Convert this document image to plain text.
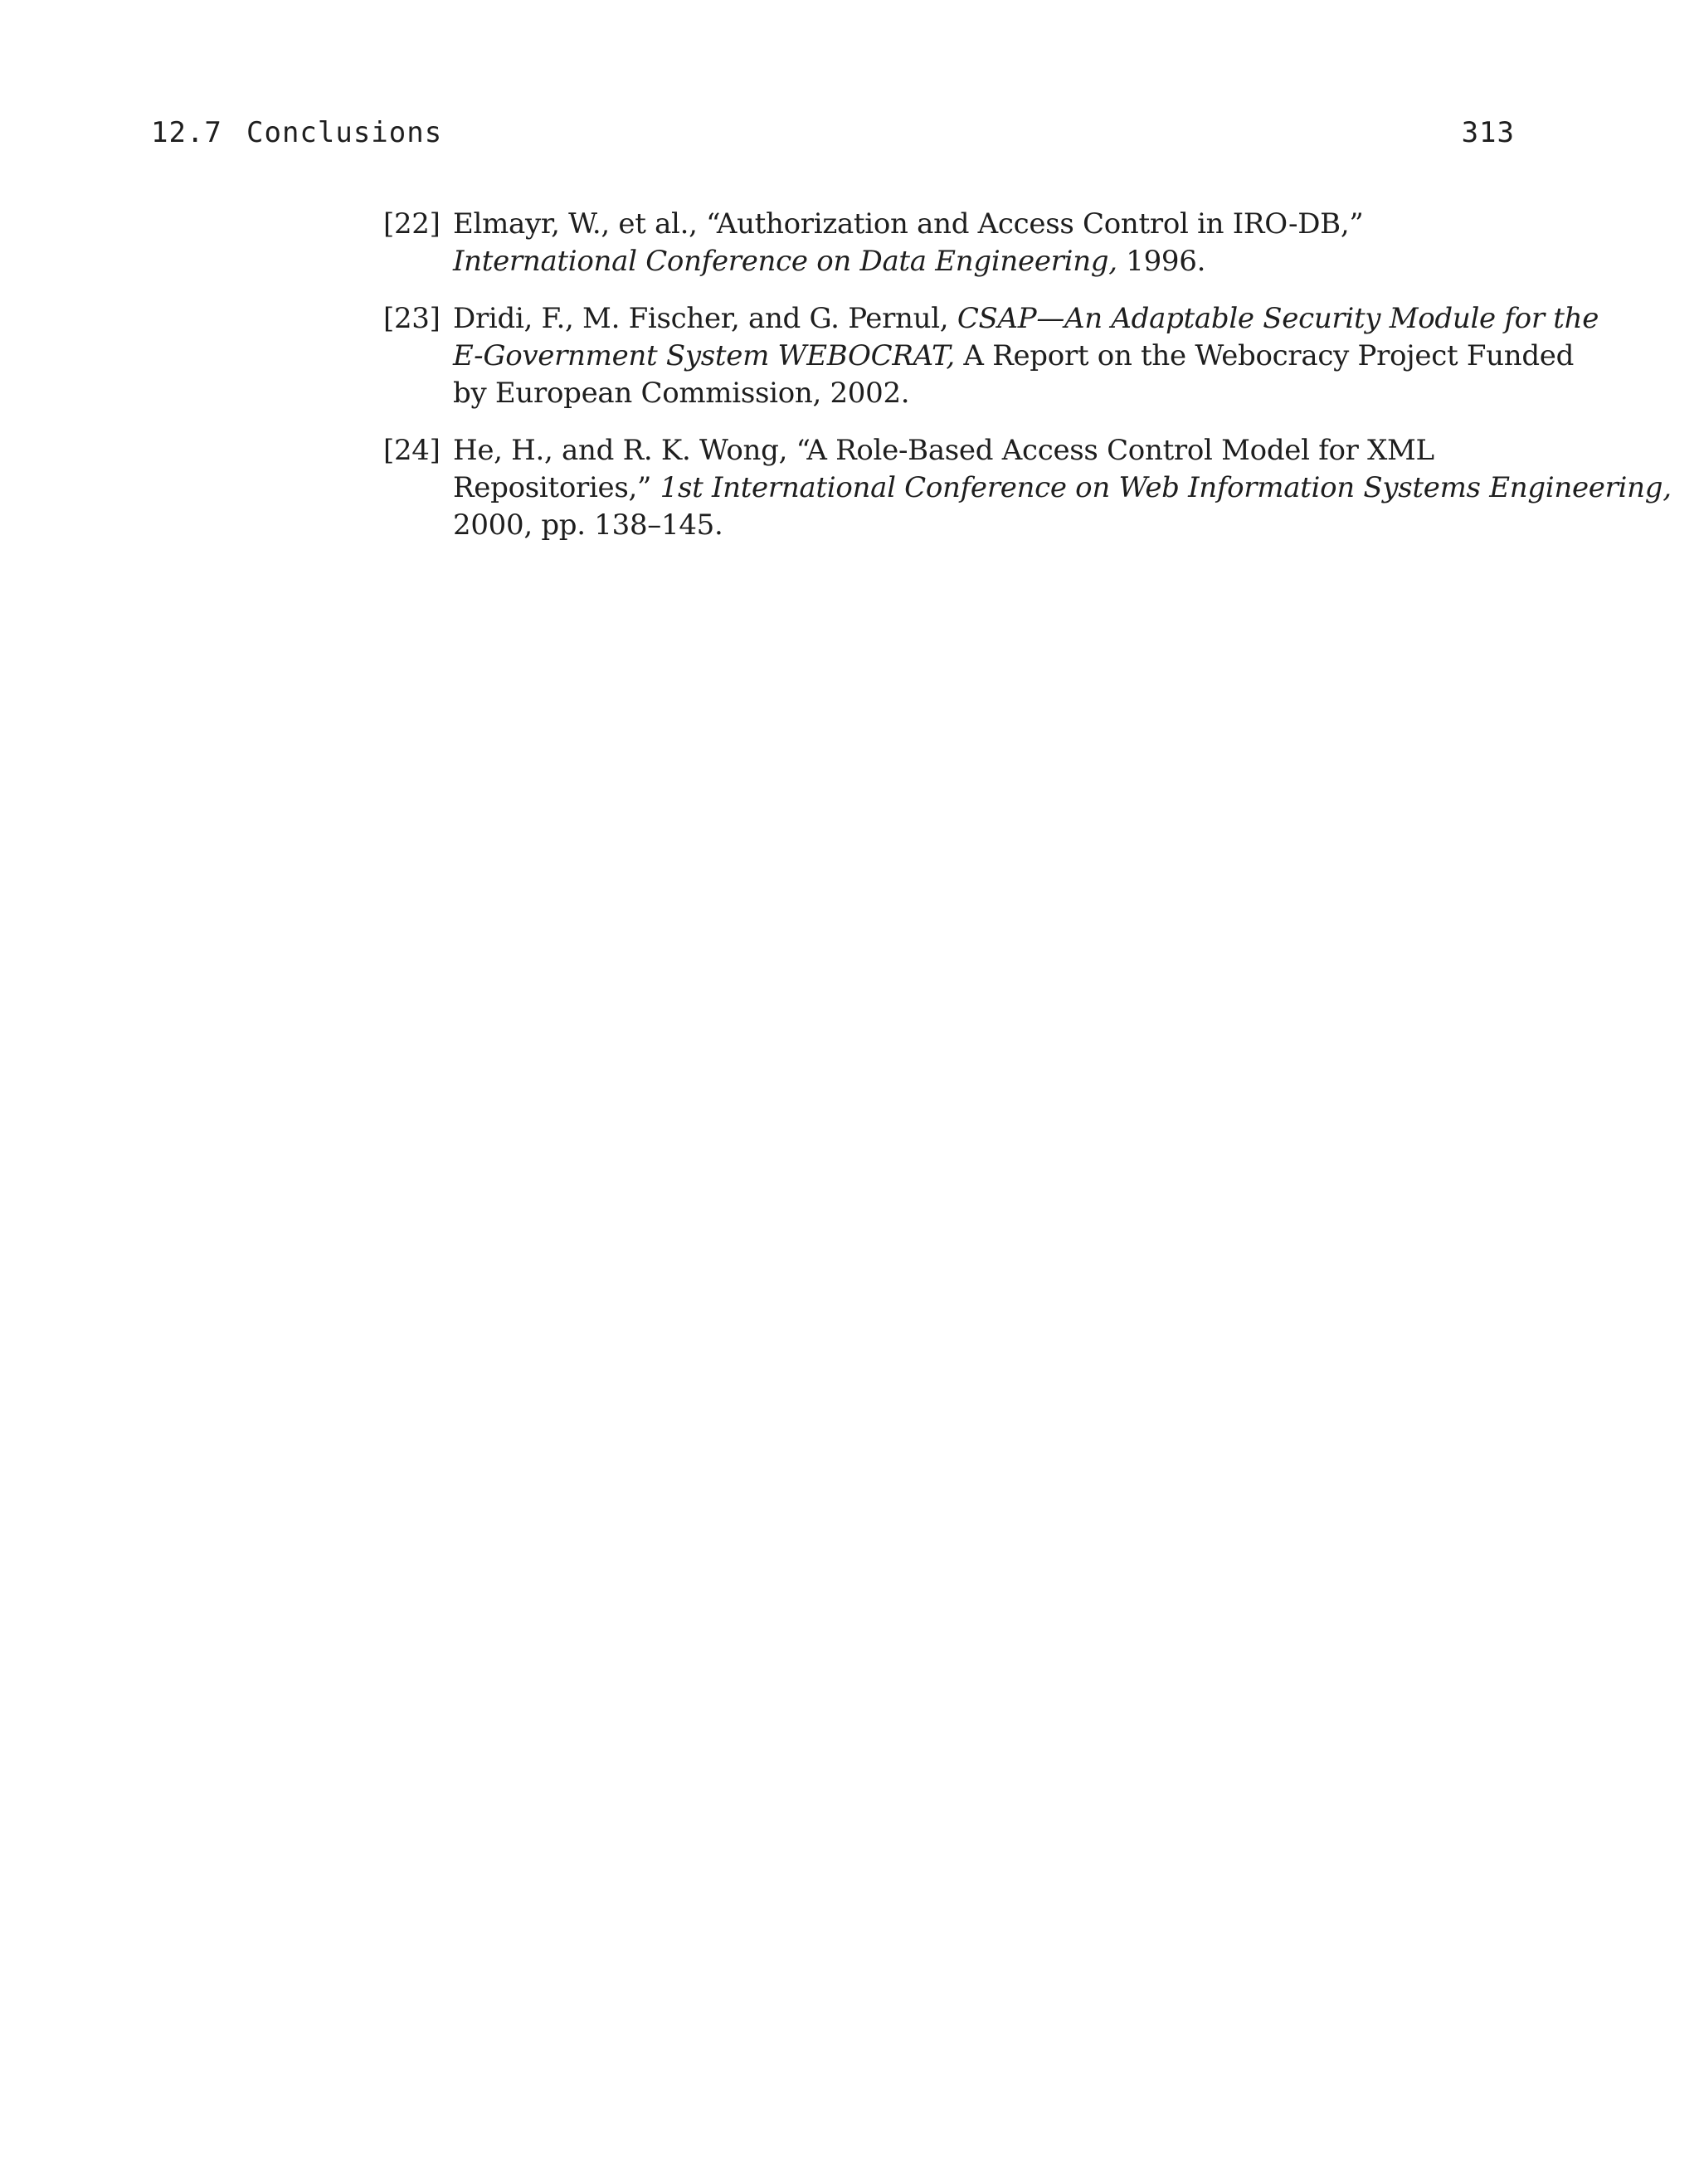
12.7 Conclusions	313
[22] Elmayr, W., et al., “Authorization and Access Control in IRO-DB,”
International Conference on Data Engineering, 1996.
[23] Dridi, F., M. Fischer, and G. Pernul, CSAP—An Adaptable Security Module for the
E-Government System WEBOCRAT, A Report on the Webocracy Project Funded
by European Commission, 2002.
[24] He, H., and R. K. Wong, “A Role-Based Access Control Model for XML
Repositories,” 1st International Conference on Web Information Systems Engineering,
2000, pp. 138–145.
